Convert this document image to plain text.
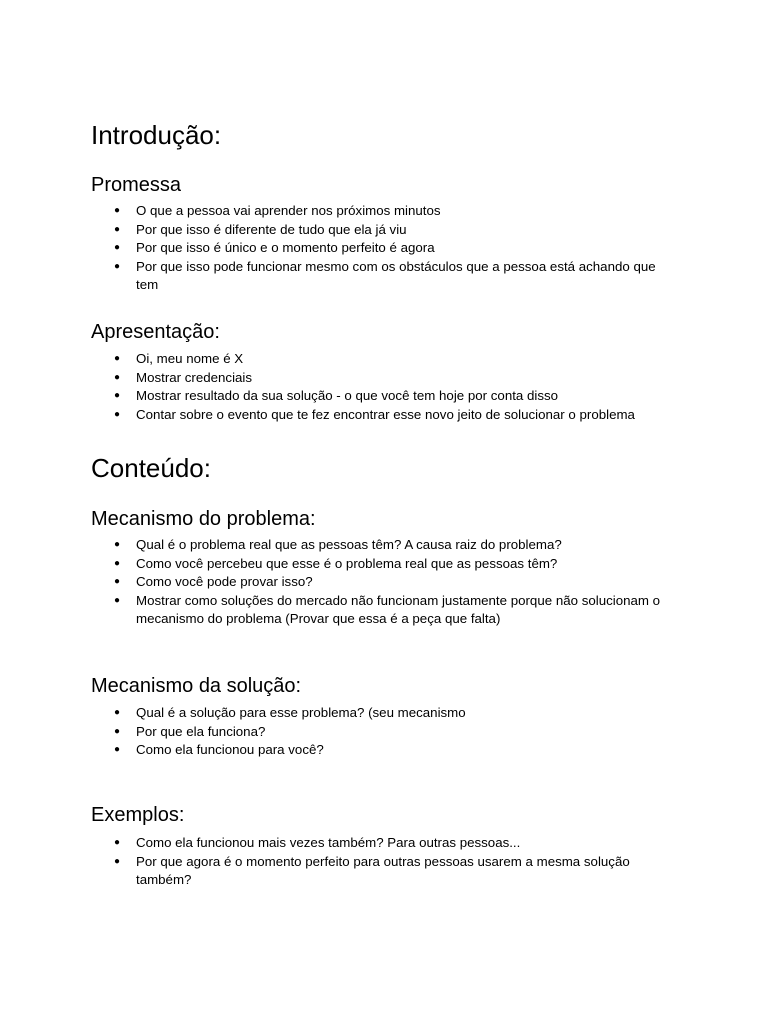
Introdução:
Promessa
● O que a pessoa vai aprender nos próximos minutos
● Por que isso é diferente de tudo que ela já viu
● Por que isso é único e o momento perfeito é agora
● Por que isso pode funcionar mesmo com os obstáculos que a pessoa está achando que tem
Apresentação:
● Oi, meu nome é X
● Mostrar credenciais
● Mostrar resultado da sua solução - o que você tem hoje por conta disso
● Contar sobre o evento que te fez encontrar esse novo jeito de solucionar o problema
Conteúdo:
Mecanismo do problema:
● Qual é o problema real que as pessoas têm? A causa raiz do problema?
● Como você percebeu que esse é o problema real que as pessoas têm?
● Como você pode provar isso?
● Mostrar como soluções do mercado não funcionam justamente porque não solucionam o mecanismo do problema (Provar que essa é a peça que falta)
Mecanismo da solução:
● Qual é a solução para esse problema? (seu mecanismo
● Por que ela funciona?
● Como ela funcionou para você?
Exemplos:
● Como ela funcionou mais vezes também? Para outras pessoas...
● Por que agora é o momento perfeito para outras pessoas usarem a mesma solução também?
